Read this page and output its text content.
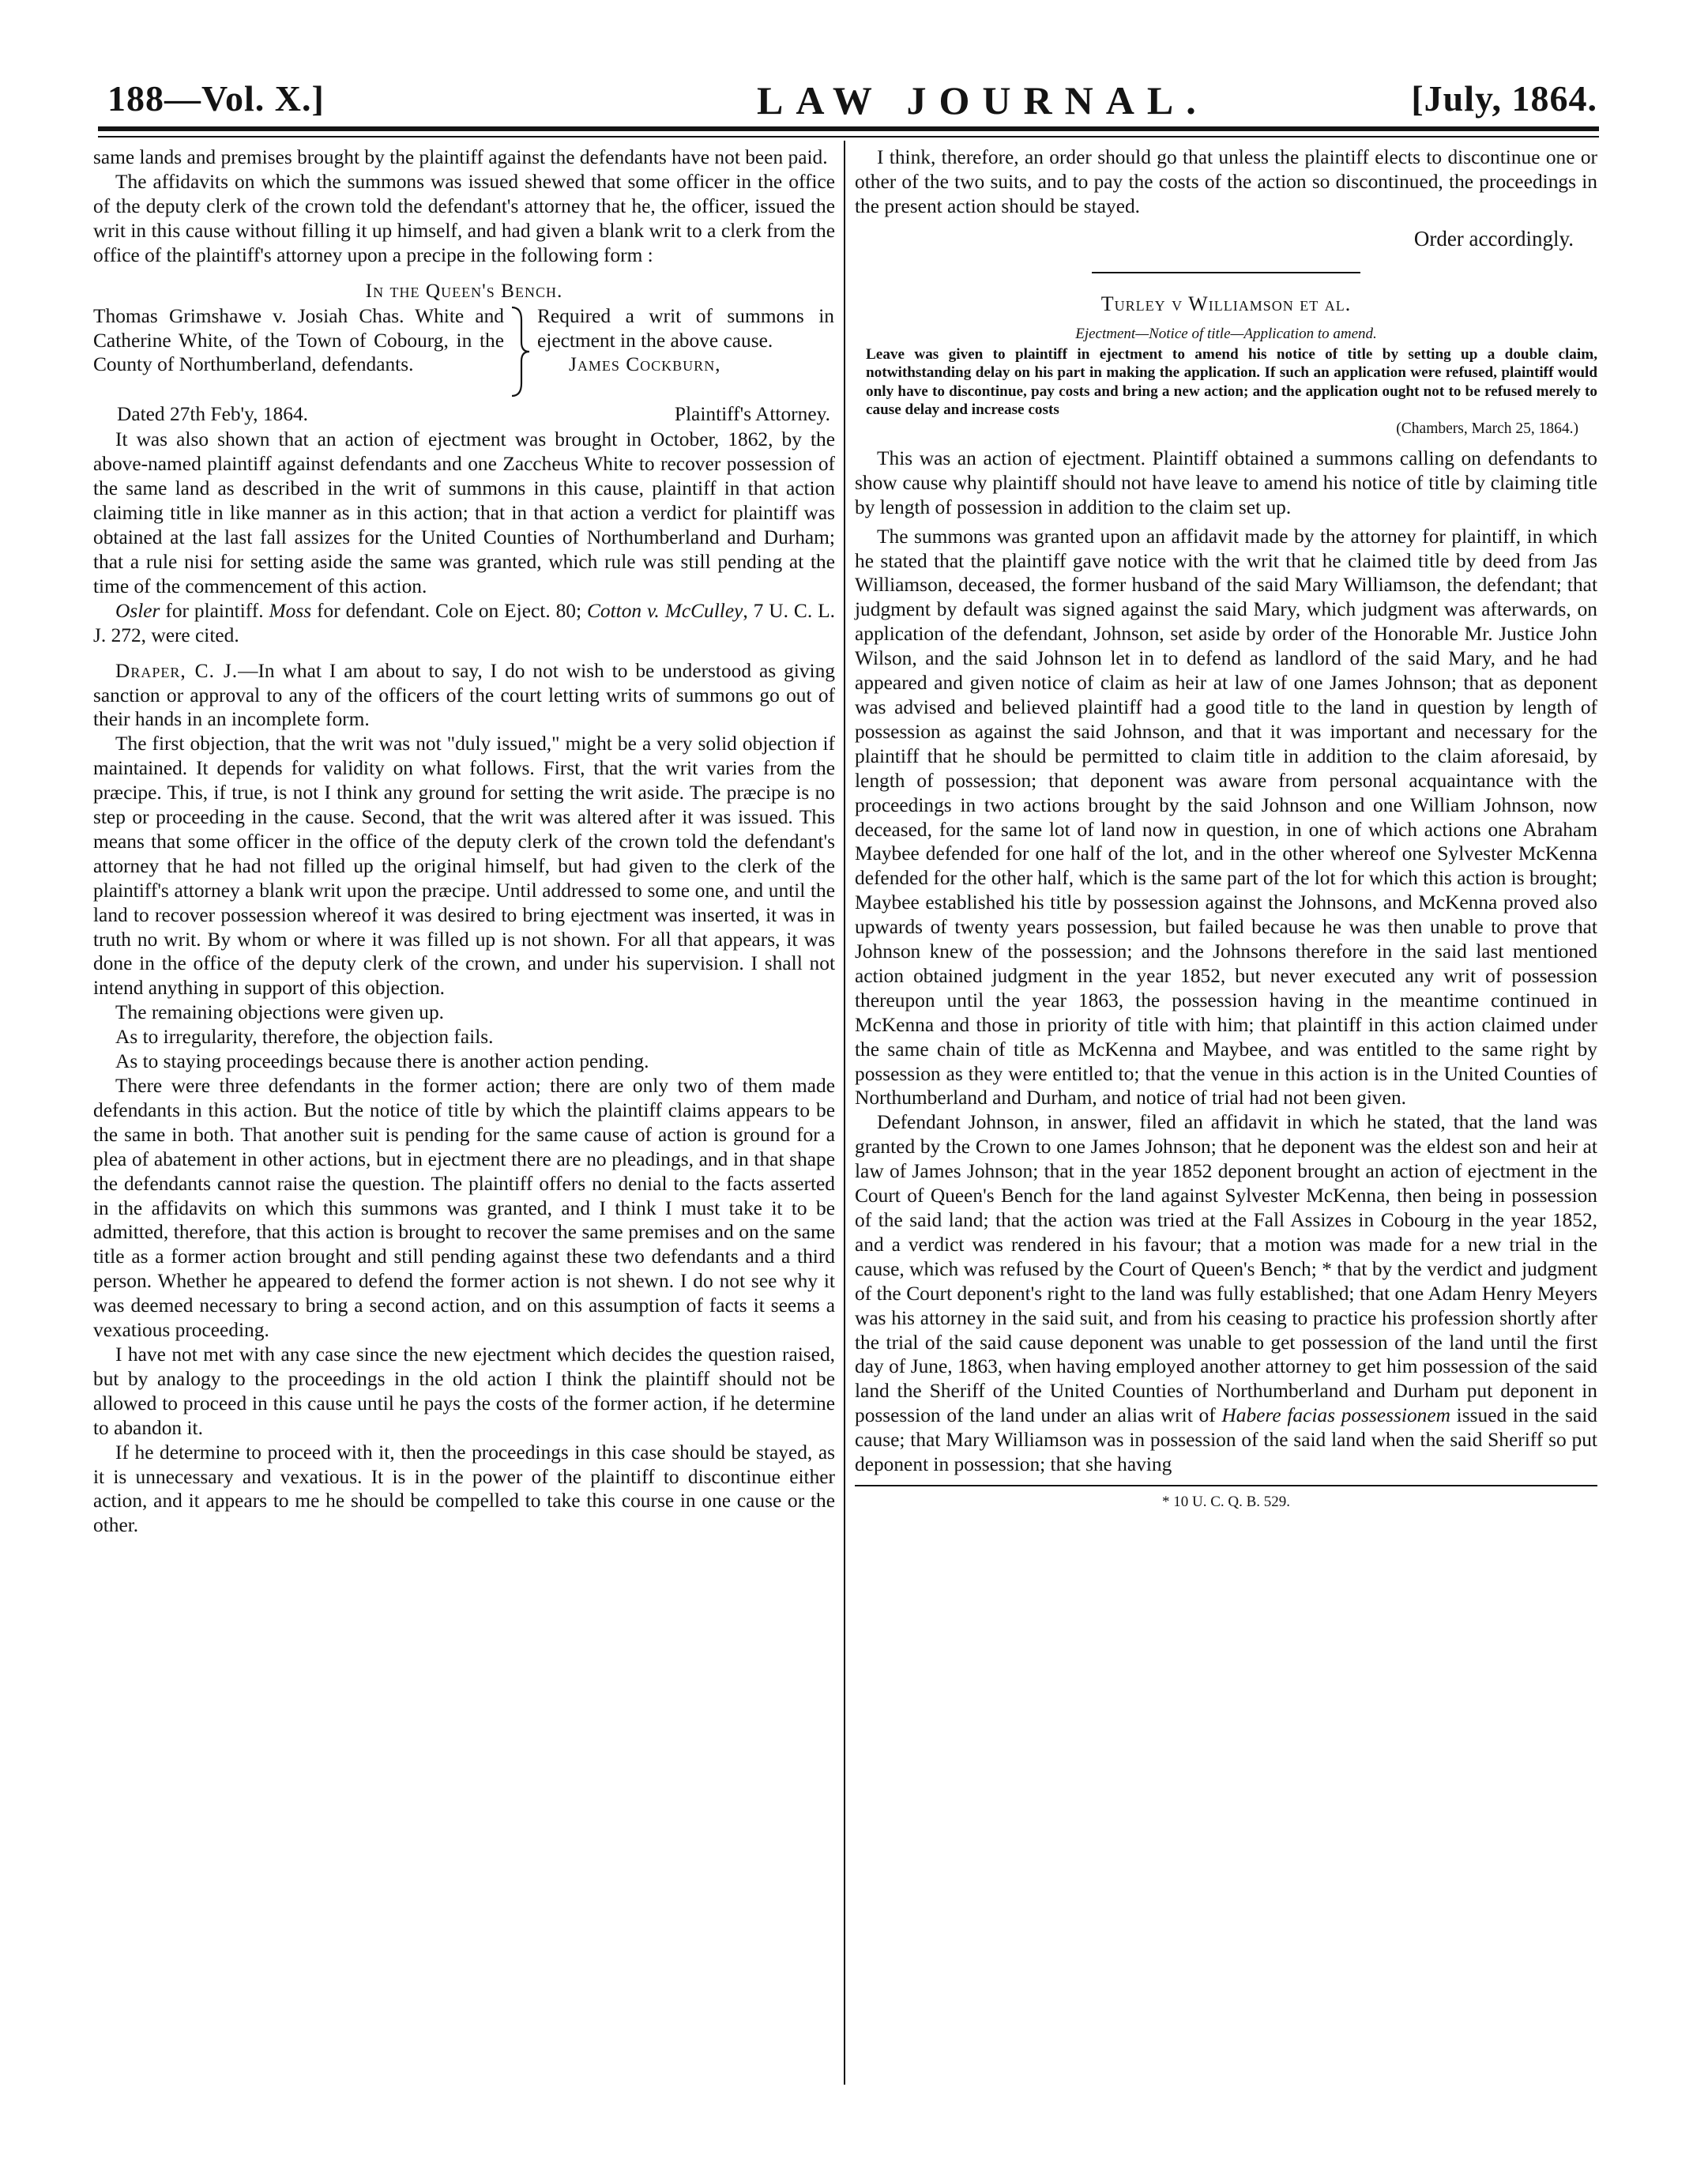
188—Vol. X.]	LAW JOURNAL.	[July, 1864.

same lands and premises brought by the plaintiff against the defendants have not been paid.

The affidavits on which the summons was issued shewed that some officer in the office of the deputy clerk of the crown told the defendant's attorney that he, the officer, issued the writ in this cause without filling it up himself, and had given a blank writ to a clerk from the office of the plaintiff's attorney upon a precipe in the following form :

In the Queen's Bench.

Thomas Grimshawe v. Josiah Chas. White and Catherine White, of the Town of Cobourg, in the County of Northumberland, defendants.
Required a writ of summons in ejectment in the above cause.
James Cockburn,
Dated 27th Feb'y, 1864.	Plaintiff's Attorney.

It was also shown that an action of ejectment was brought in October, 1862, by the above-named plaintiff against defendants and one Zaccheus White to recover possession of the same land as described in the writ of summons in this cause, plaintiff in that action claiming title in like manner as in this action; that in that action a verdict for plaintiff was obtained at the last fall assizes for the United Counties of Northumberland and Durham; that a rule nisi for setting aside the same was granted, which rule was still pending at the time of the commencement of this action.

Osler for plaintiff. Moss for defendant. Cole on Eject. 80; Cotton v. McCulley, 7 U. C. L. J. 272, were cited.

Draper, C. J.—In what I am about to say, I do not wish to be understood as giving sanction or approval to any of the officers of the court letting writs of summons go out of their hands in an incomplete form.

The first objection, that the writ was not "duly issued," might be a very solid objection if maintained. It depends for validity on what follows. First, that the writ varies from the præcipe. This, if true, is not I think any ground for setting the writ aside. The præcipe is no step or proceeding in the cause. Second, that the writ was altered after it was issued. This means that some officer in the office of the deputy clerk of the crown told the defendant's attorney that he had not filled up the original himself, but had given to the clerk of the plaintiff's attorney a blank writ upon the præcipe. Until addressed to some one, and until the land to recover possession whereof it was desired to bring ejectment was inserted, it was in truth no writ. By whom or where it was filled up is not shown. For all that appears, it was done in the office of the deputy clerk of the crown, and under his supervision. I shall not intend anything in support of this objection.

The remaining objections were given up.

As to irregularity, therefore, the objection fails.

As to staying proceedings because there is another action pending.

There were three defendants in the former action; there are only two of them made defendants in this action. But the notice of title by which the plaintiff claims appears to be the same in both. That another suit is pending for the same cause of action is ground for a plea of abatement in other actions, but in ejectment there are no pleadings, and in that shape the defendants cannot raise the question. The plaintiff offers no denial to the facts asserted in the affidavits on which this summons was granted, and I think I must take it to be admitted, therefore, that this action is brought to recover the same premises and on the same title as a former action brought and still pending against these two defendants and a third person. Whether he appeared to defend the former action is not shewn. I do not see why it was deemed necessary to bring a second action, and on this assumption of facts it seems a vexatious proceeding.

I have not met with any case since the new ejectment which decides the question raised, but by analogy to the proceedings in the old action I think the plaintiff should not be allowed to proceed in this cause until he pays the costs of the former action, if he determine to abandon it.

If he determine to proceed with it, then the proceedings in this case should be stayed, as it is unnecessary and vexatious. It is in the power of the plaintiff to discontinue either action, and it appears to me he should be compelled to take this course in one cause or the other.

I think, therefore, an order should go that unless the plaintiff elects to discontinue one or other of the two suits, and to pay the costs of the action so discontinued, the proceedings in the present action should be stayed.

Order accordingly.

Turley v Williamson et al.

Ejectment—Notice of title—Application to amend.

Leave was given to plaintiff in ejectment to amend his notice of title by setting up a double claim, notwithstanding delay on his part in making the application. If such an application were refused, plaintiff would only have to discontinue, pay costs and bring a new action; and the application ought not to be refused merely to cause delay and increase costs

(Chambers, March 25, 1864.)

This was an action of ejectment. Plaintiff obtained a summons calling on defendants to show cause why plaintiff should not have leave to amend his notice of title by claiming title by length of possession in addition to the claim set up.

The summons was granted upon an affidavit made by the attorney for plaintiff, in which he stated that the plaintiff gave notice with the writ that he claimed title by deed from Jas Williamson, deceased, the former husband of the said Mary Williamson, the defendant; that judgment by default was signed against the said Mary, which judgment was afterwards, on application of the defendant, Johnson, set aside by order of the Honorable Mr. Justice John Wilson, and the said Johnson let in to defend as landlord of the said Mary, and he had appeared and given notice of claim as heir at law of one James Johnson; that as deponent was advised and believed plaintiff had a good title to the land in question by length of possession as against the said Johnson, and that it was important and necessary for the plaintiff that he should be permitted to claim title in addition to the claim aforesaid, by length of possession; that deponent was aware from personal acquaintance with the proceedings in two actions brought by the said Johnson and one William Johnson, now deceased, for the same lot of land now in question, in one of which actions one Abraham Maybee defended for one half of the lot, and in the other whereof one Sylvester McKenna defended for the other half, which is the same part of the lot for which this action is brought; Maybee established his title by possession against the Johnsons, and McKenna proved also upwards of twenty years possession, but failed because he was then unable to prove that Johnson knew of the possession; and the Johnsons therefore in the said last mentioned action obtained judgment in the year 1852, but never executed any writ of possession thereupon until the year 1863, the possession having in the meantime continued in McKenna and those in priority of title with him; that plaintiff in this action claimed under the same chain of title as McKenna and Maybee, and was entitled to the same right by possession as they were entitled to; that the venue in this action is in the United Counties of Northumberland and Durham, and notice of trial had not been given.

Defendant Johnson, in answer, filed an affidavit in which he stated, that the land was granted by the Crown to one James Johnson; that he deponent was the eldest son and heir at law of James Johnson; that in the year 1852 deponent brought an action of ejectment in the Court of Queen's Bench for the land against Sylvester McKenna, then being in possession of the said land; that the action was tried at the Fall Assizes in Cobourg in the year 1852, and a verdict was rendered in his favour; that a motion was made for a new trial in the cause, which was refused by the Court of Queen's Bench; * that by the verdict and judgment of the Court deponent's right to the land was fully established; that one Adam Henry Meyers was his attorney in the said suit, and from his ceasing to practice his profession shortly after the trial of the said cause deponent was unable to get possession of the land until the first day of June, 1863, when having employed another attorney to get him possession of the said land the Sheriff of the United Counties of Northumberland and Durham put deponent in possession of the land under an alias writ of Habere facias possessionem issued in the said cause; that Mary Williamson was in possession of the said land when the said Sheriff so put deponent in possession; that she having

* 10 U. C. Q. B. 529.
